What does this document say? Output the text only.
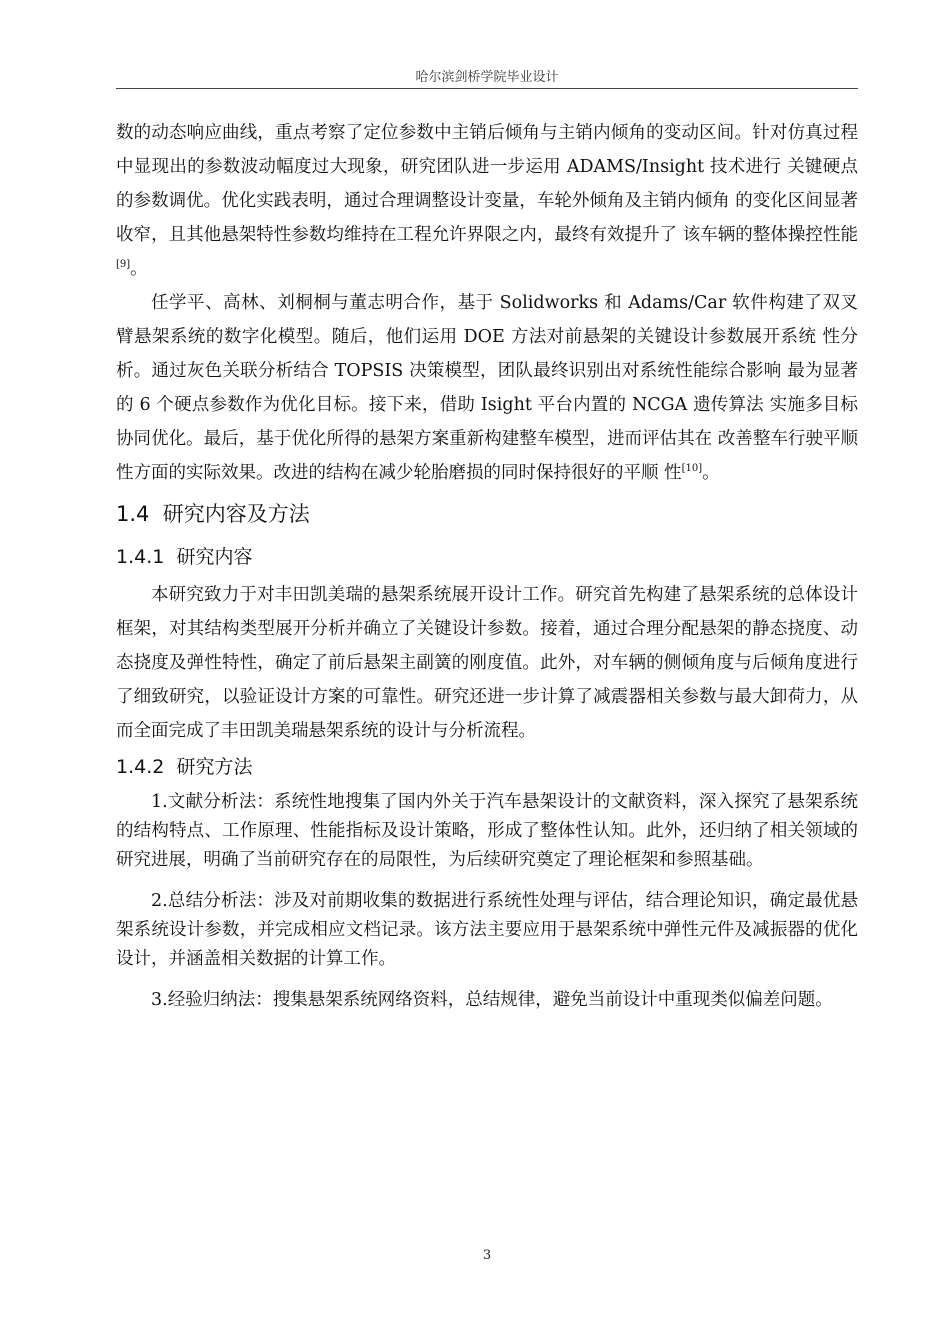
哈尔滨剑桥学院毕业设计

数的动态响应曲线，重点考察了定位参数中主销后倾角与主销内倾角的变动区间。针对仿真过程中显现出的参数波动幅度过大现象，研究团队进一步运用 ADAMS/Insight 技术进行 关键硬点的参数调优。优化实践表明，通过合理调整设计变量，车轮外倾角及主销内倾角 的变化区间显著收窄，且其他悬架特性参数均维持在工程允许界限之内，最终有效提升了 该车辆的整体操控性能[9]。

任学平、高林、刘桐桐与董志明合作，基于 Solidworks 和 Adams/Car 软件构建了双叉 臂悬架系统的数字化模型。随后，他们运用 DOE 方法对前悬架的关键设计参数展开系统 性分析。通过灰色关联分析结合 TOPSIS 决策模型，团队最终识别出对系统性能综合影响 最为显著的 6 个硬点参数作为优化目标。接下来，借助 Isight 平台内置的 NCGA 遗传算法 实施多目标协同优化。最后，基于优化所得的悬架方案重新构建整车模型，进而评估其在 改善整车行驶平顺性方面的实际效果。改进的结构在减少轮胎磨损的同时保持很好的平顺 性[10]。

1.4 研究内容及方法
1.4.1 研究内容

本研究致力于对丰田凯美瑞的悬架系统展开设计工作。研究首先构建了悬架系统的总体设计框架，对其结构类型展开分析并确立了关键设计参数。接着，通过合理分配悬架的静态挠度、动态挠度及弹性特性，确定了前后悬架主副簧的刚度值。此外，对车辆的侧倾角度与后倾角度进行了细致研究，以验证设计方案的可靠性。研究还进一步计算了减震器相关参数与最大卸荷力，从而全面完成了丰田凯美瑞悬架系统的设计与分析流程。

1.4.2 研究方法

1.文献分析法：系统性地搜集了国内外关于汽车悬架设计的文献资料，深入探究了悬架系统的结构特点、工作原理、性能指标及设计策略，形成了整体性认知。此外，还归纳了相关领域的研究进展，明确了当前研究存在的局限性，为后续研究奠定了理论框架和参照基础。

2.总结分析法：涉及对前期收集的数据进行系统性处理与评估，结合理论知识，确定最优悬架系统设计参数，并完成相应文档记录。该方法主要应用于悬架系统中弹性元件及减振器的优化设计，并涵盖相关数据的计算工作。

3.经验归纳法：搜集悬架系统网络资料，总结规律，避免当前设计中重现类似偏差问题。

3
